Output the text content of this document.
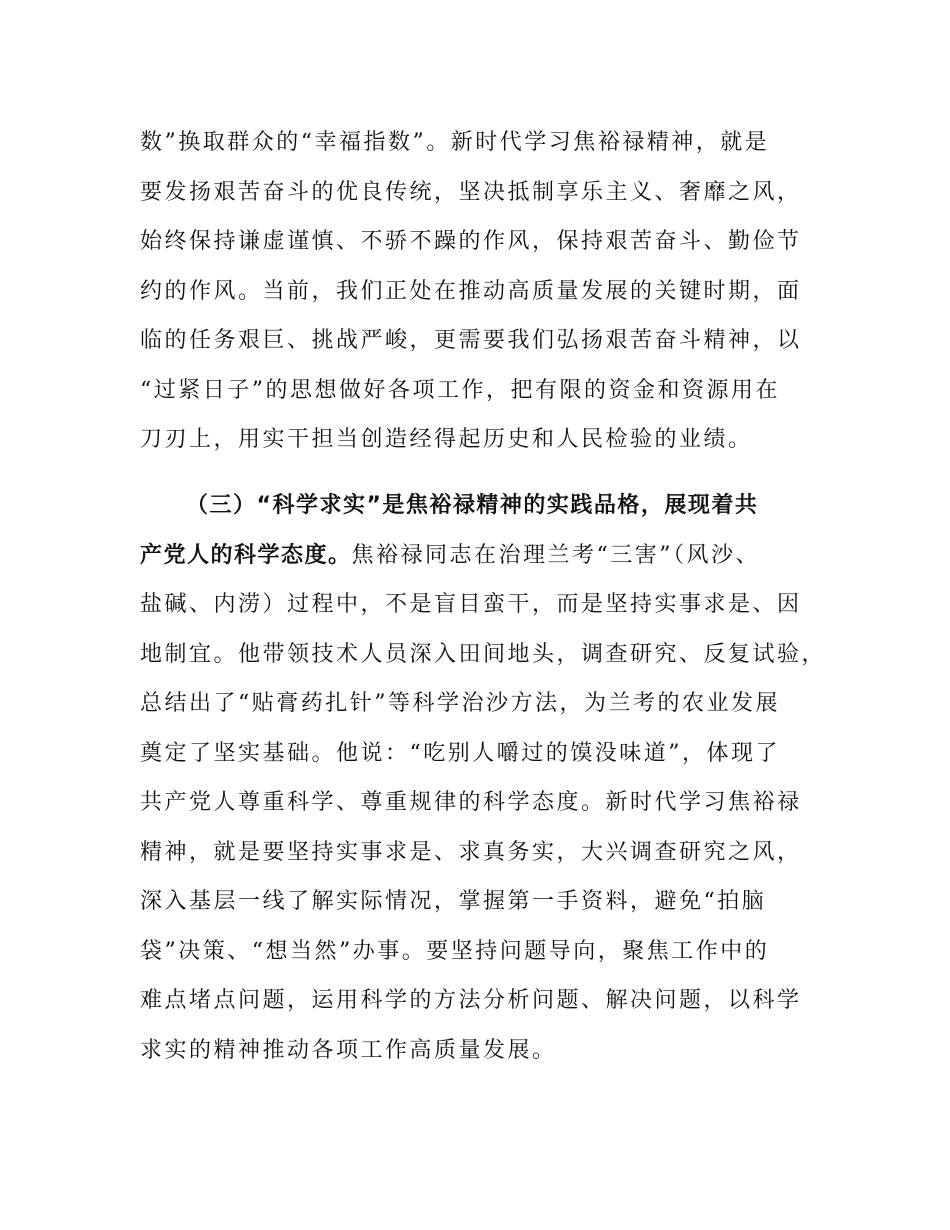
数”换取群众的“幸福指数”。新时代学习焦裕禄精神，就是
要发扬艰苦奋斗的优良传统，坚决抵制享乐主义、奢靡之风，
始终保持谦虚谨慎、不骄不躁的作风，保持艰苦奋斗、勤俭节
约的作风。当前，我们正处在推动高质量发展的关键时期，面
临的任务艰巨、挑战严峻，更需要我们弘扬艰苦奋斗精神，以
“过紧日子”的思想做好各项工作，把有限的资金和资源用在
刀刃上，用实干担当创造经得起历史和人民检验的业绩。
（三）“科学求实”是焦裕禄精神的实践品格，展现着共
产党人的科学态度。焦裕禄同志在治理兰考“三害”（风沙、
盐碱、内涝）过程中，不是盲目蛮干，而是坚持实事求是、因
地制宜。他带领技术人员深入田间地头，调查研究、反复试验，
总结出了“贴膏药扎针”等科学治沙方法，为兰考的农业发展
奠定了坚实基础。他说：“吃别人嚼过的馍没味道”，体现了
共产党人尊重科学、尊重规律的科学态度。新时代学习焦裕禄
精神，就是要坚持实事求是、求真务实，大兴调查研究之风，
深入基层一线了解实际情况，掌握第一手资料，避免“拍脑
袋”决策、“想当然”办事。要坚持问题导向，聚焦工作中的
难点堵点问题，运用科学的方法分析问题、解决问题，以科学
求实的精神推动各项工作高质量发展。
